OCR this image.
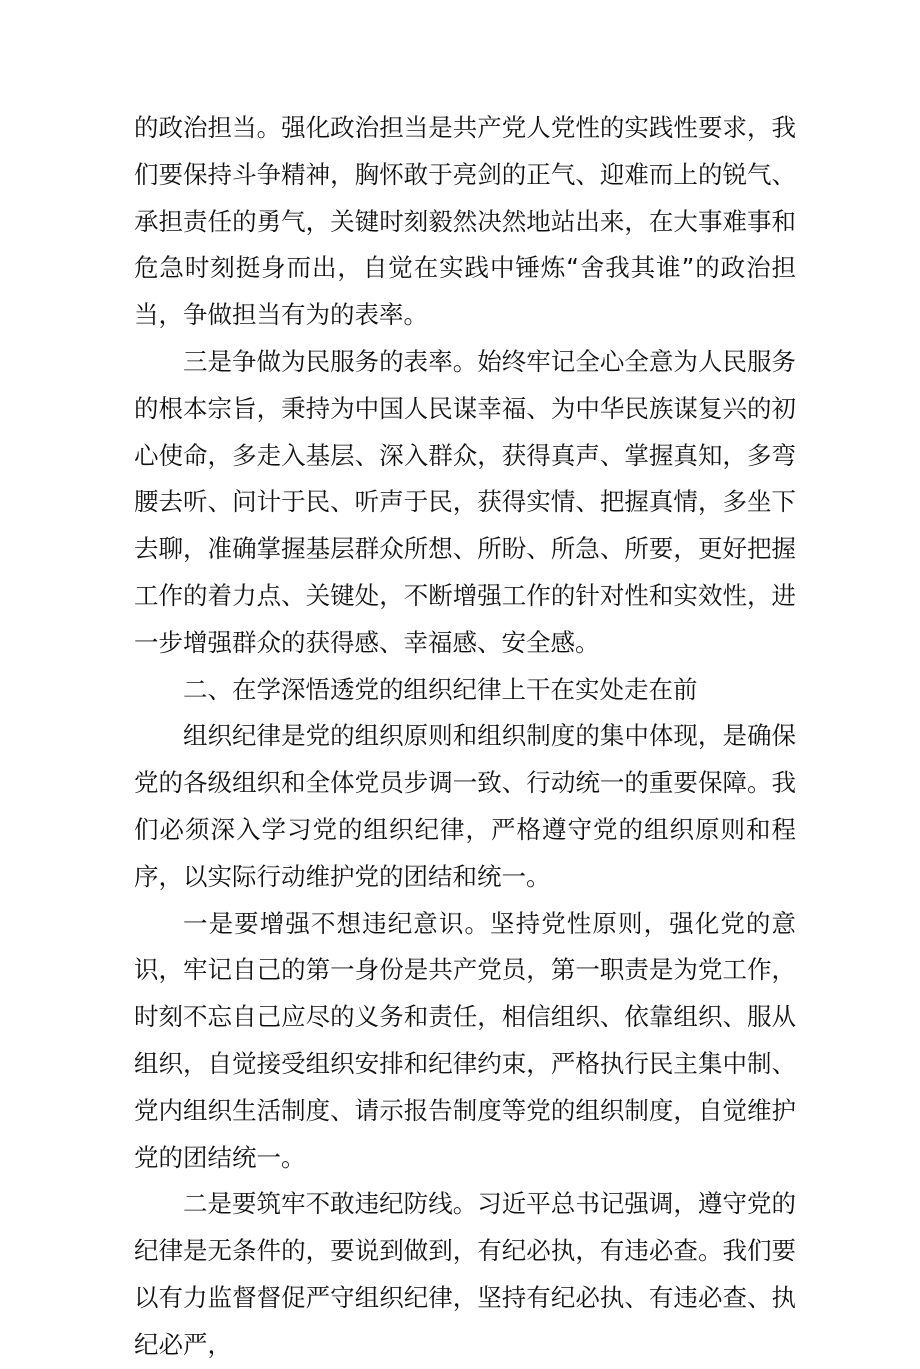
的政治担当。强化政治担当是共产党人党性的实践性要求，我们要保持斗争精神，胸怀敢于亮剑的正气、迎难而上的锐气、承担责任的勇气，关键时刻毅然决然地站出来，在大事难事和危急时刻挺身而出，自觉在实践中锤炼“舍我其谁”的政治担当，争做担当有为的表率。

三是争做为民服务的表率。始终牢记全心全意为人民服务的根本宗旨，秉持为中国人民谋幸福、为中华民族谋复兴的初心使命，多走入基层、深入群众，获得真声、掌握真知，多弯腰去听、问计于民、听声于民，获得实情、把握真情，多坐下去聊，准确掌握基层群众所想、所盼、所急、所要，更好把握工作的着力点、关键处，不断增强工作的针对性和实效性，进一步增强群众的获得感、幸福感、安全感。

二、在学深悟透党的组织纪律上干在实处走在前

组织纪律是党的组织原则和组织制度的集中体现，是确保党的各级组织和全体党员步调一致、行动统一的重要保障。我们必须深入学习党的组织纪律，严格遵守党的组织原则和程序，以实际行动维护党的团结和统一。

一是要增强不想违纪意识。坚持党性原则，强化党的意识，牢记自己的第一身份是共产党员，第一职责是为党工作，时刻不忘自己应尽的义务和责任，相信组织、依靠组织、服从组织，自觉接受组织安排和纪律约束，严格执行民主集中制、党内组织生活制度、请示报告制度等党的组织制度，自觉维护党的团结统一。

二是要筑牢不敢违纪防线。习近平总书记强调，遵守党的纪律是无条件的，要说到做到，有纪必执，有违必查。我们要以有力监督督促严守组织纪律，坚持有纪必执、有违必查、执纪必严，
